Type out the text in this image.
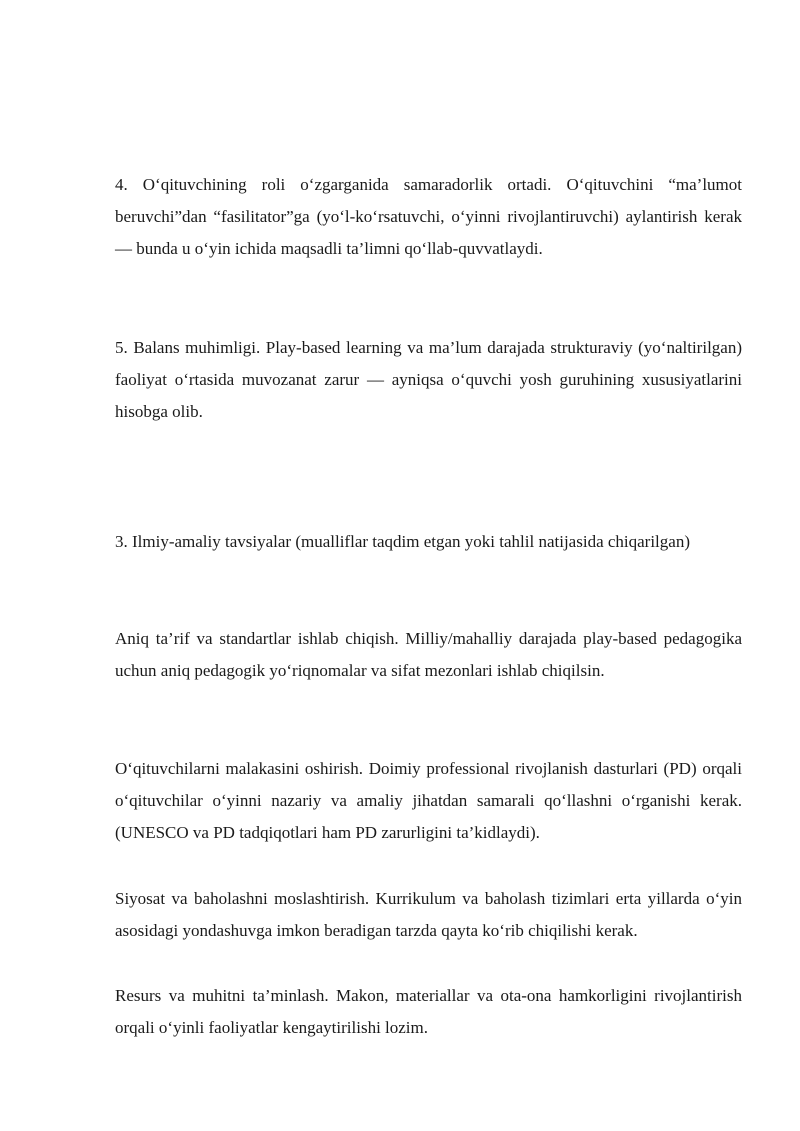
4. O‘qituvchining roli o‘zgarganida samaradorlik ortadi. O‘qituvchini “ma’lumot beruvchi”dan “fasilitator”ga (yo‘l-ko‘rsatuvchi, o‘yinni rivojlantiruvchi) aylantirish kerak — bunda u o‘yin ichida maqsadli ta’limni qo‘llab-quvvatlaydi.

5. Balans muhimligi. Play-based learning va ma’lum darajada strukturaviy (yo‘naltirilgan) faoliyat o‘rtasida muvozanat zarur — ayniqsa o‘quvchi yosh guruhining xususiyatlarini hisobga olib.

3. Ilmiy-amaliy tavsiyalar (mualliflar taqdim etgan yoki tahlil natijasida chiqarilgan)

Aniq ta’rif va standartlar ishlab chiqish. Milliy/mahalliy darajada play-based pedagogika uchun aniq pedagogik yo‘riqnomalar va sifat mezonlari ishlab chiqilsin.

O‘qituvchilarni malakasini oshirish. Doimiy professional rivojlanish dasturlari (PD) orqali o‘qituvchilar o‘yinni nazariy va amaliy jihatdan samarali qo‘llashni o‘rganishi kerak. (UNESCO va PD tadqiqotlari ham PD zarurligini ta’kidlaydi).

Siyosat va baholashni moslashtirish. Kurrikulum va baholash tizimlari erta yillarda o‘yin asosidagi yondashuvga imkon beradigan tarzda qayta ko‘rib chiqilishi kerak.

Resurs va muhitni ta’minlash. Makon, materiallar va ota-ona hamkorligini rivojlantirish orqali o‘yinli faoliyatlar kengaytirilishi lozim.
